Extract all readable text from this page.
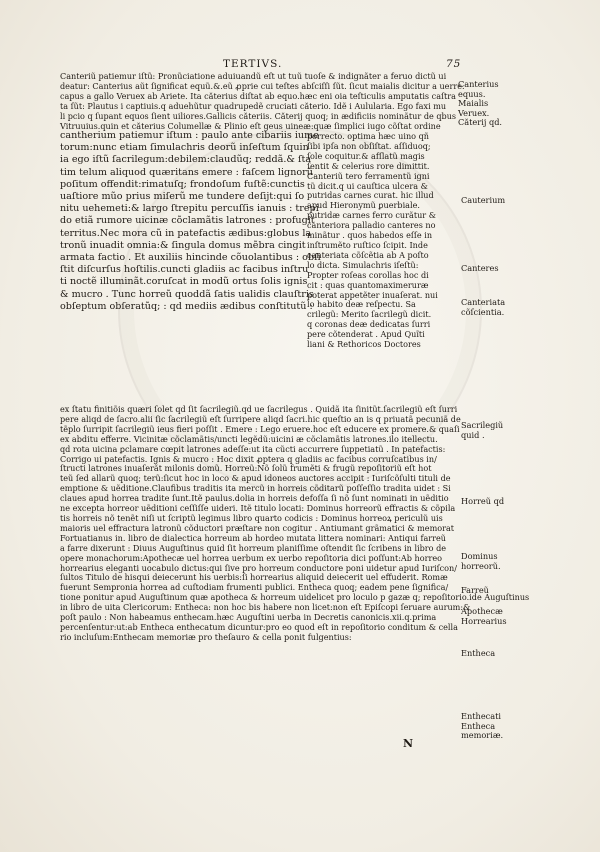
TERTIVS.	75
Canteriũ patiemur iſtũ: Pronũciatione aduiuandũ eſt ut tuũ tuoſe & indignãter a feruo dictũ ui
deatur: Canterius aũt ſignificat equũ.&.eũ ꝓprie cui teſtes abſciſſi ſũt. ſicut maialis dicitur a uerre.
capus a gallo Veruex ab Ariete. Ita căterius diſtat ab equo.hæc eni oia teſticulis amputatis caſtra
ta ſũt: Plautus i captiuis.q aduehũtur quadrupedẽ cruciati căterio. Idẽ i Aulularia. Ego faxi mu
li pcio q ſupant equos ſient uiliores.Gallicis căteriis. Căterij quoq; in ædificiis nominãtur de qbus
Vitruuius.quin et căterius Columellæ & Plinio eſt geus uineæ:quæ ſimplici iugo cõſtat ordine
cantherium patiemur iſtum : paulo ante cibariis iume
torum:nunc etiam ſimulachris deorũ inſeſtum ſquin
ia ego iſtũ ſacrilegum:debilem:claudũq; reddã.& ſta
tim telum aliquod quæritans emere : faſcem lignorũ
poſitum offendit:rimatuſq; frondoſum fuſtẽ:cunctis
uaſtiore mũo prius miſerũ me tundere deſijt:qui ſo
nitu uehemeti:& largo ſtrepitu percuſſis ianuis : trepi
do etiã rumore uicinæ cõclamãtis latrones : profugit
territus.Nec mora cũ in patefactis ædibus:globus la
tronũ inuadit omnia:& ſingula domus mẽbra cingit
armata factio . Et auxiliis hincinde cõuolantibus : obſi
ſtit diſcurſus hoſtilis.cuncti gladiis ac facibus inſtru
ti noctẽ illuminãt.coruſcat in modũ ortus ſolis ignis
& mucro . Tunc horreũ quoddã ſatis ualidis clauſtris
obſeptum obſeratũq; : qd mediis ædibus conſtitutũ :
porrecto. optima hæc uino qñ
ſibi ipſa non obſiſtat. aſſiduoq;
ſole coquitur.& afſlatũ magis
ſentit & celerius rore dimittit.
Canteriũ tero ferramentũ igni
tũ dicit.q ui cauſtica ulcera &
putridas carnes curat. hic illud
apud Hieronymũ ꝑuerbiale.
putridæ carnes ferro curãtur &
canteriora palladio canteres no
minãtur . quos habedos eſſe in
inſtrumẽto ruſtico ſcipit. Inde
canteriata cõſcẽtia ab A poſto
lo dicta. Simulachris iſeſtũ:
Propter roſeas corollas hoc di
cit : quas quantomaximeruræ
poterat appetẽter inuaſerat. nui
lo habito deæ reſpectu. Sa
crilegũ: Merito ſacrilegũ dicit.
q coronas deæ dedicatas ſurri
pere cõtenderat . Apud Quĩti
liani & Rethoricos Doctores
ex ſtatu finitiõis quæri ſolet qd ſit ſacrilegiũ.qd ue ſacrilegus . Quidã ita ſinitũt.ſacrilegiũ eſt ſurri
pere aliqd de ſacro.alii ſic ſacrilegiũ eſt ſurripere aliqd ſacri.hic queſtio an is q priuatã pecuniã de
tẽplo ſurripit ſacrilegiũ ieus fieri poſſit . Emere : Lego eruere.hoc eſt educere ex promere.& quaſi
ex abditu efferre. Vicinitæ cõclamãtis/uncti legẽdũ:uicini æ cõclamãtis latrones.ilo itellectu.
qd rota uicina ꝑclamare cœpit latrones adeſſe:ut ita cũcti accurrere ſuppetiatũ . In patefactis:
Corrigo ui patefactis. Ignis & mucro : Hoc dixit ꝓptera q gladiis ac facibus corruſcatibus in/
ſtructi latrones inuaſerãt milonis domũ. Horreũ:Nõ ſolũ frumẽti & frugũ repoſitoriũ eſt hot
teũ ſed allarũ quoq; terũ:ſicut hoc in loco & apud idoneos auctores accipit : Iuriſcõſulti tituli de
emptione & uẽditione.Claufibus traditis ita mercũ in horreis cõditarũ poſſeſſio tradita uidet : Si
claues apud horrea tradite ſunt.Itẽ paulus.dolia in horreis defoſſa ſi nõ ſunt nominati in uẽditio
ne excepta horreor uẽditioni ceſſiſſe uideri. Itẽ titulo locati: Dominus horreorũ effractis & cõpila
tis horreis nõ tenẽt niſi ut ſcriptũ legimus libro quarto codicis : Dominus horreoꝝ periculũ uis
maioris uel effractura latronũ cõductori præſtare non cogitur . Antiumant grãmatici & memorat
Fortuatianus in. libro de dialectica horreum ab hordeo mutata littera nominari: Antiqui farreũ
a farre dixerunt : Diuus Auguſtinus quid ſit horreum planiſſime oſtendit ſic ſcribens in libro de
opere monachorum:Apothecæ uel horrea uerbum ex uerbo repoſitoria dici poſſunt:Ab horreo
horrearius eleganti uocabulo dictus:qui ſive pro horreum conductore poni uidetur apud Iuriſcon/
ſultos Titulo de hisqui deiecerunt his uerbis:ſi horrearius aliquid deiecerit uel effuderit. Romæ
fuerunt Sempronia horrea ad cuſtodiam frumenti publici. Entheca quoq; eadem pene ſignifica/
tione ponitur apud Auguſtinum quæ apotheca & horreum uidelicet pro loculo p gazæ q; repoſitorio.ide Auguſtinus
in libro de uita Clericorum: Entheca: non hoc bis habere non licet:non eſt Epiſcopi ſeruare aurum:&
poſt paulo : Non habeamus enthecam.hæc Auguſtini uerba in Decretis canonicis.xii.q.prima
percenſentur:ut:ab Entheca enthecatum dicuntur:pro eo quod eſt in repoſitorio conditum & cella
rio incluſum:Enthecam memoriæ pro theſauro & cella ponit fulgentius:
Canterius
equus.
Maialis
Veruex.
Căterij qd.
Cauterium
Canteres
Canteriata
cõſcientia.
Sacrilegiũ
quid .
Horreũ qd
Dominus
horreorũ.
Farreũ
Apothecæ
Horrearius
Entheca
Enthecati
Entheca
memoriæ.
N
